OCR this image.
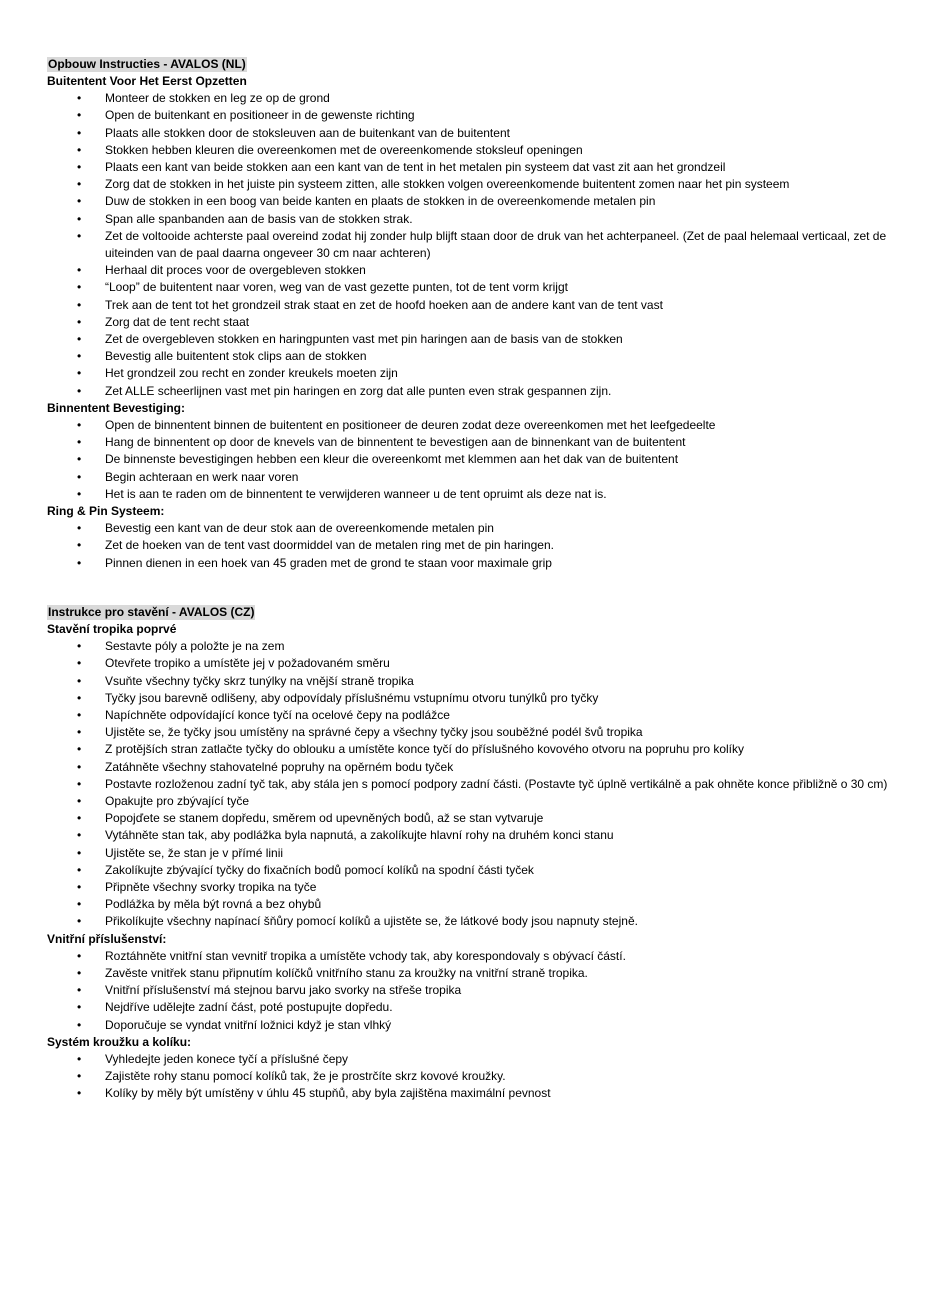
Opbouw Instructies - AVALOS (NL)
Buitentent Voor Het Eerst Opzetten
• Monteer de stokken en leg ze op de grond
• Open de buitenkant en positioneer in de gewenste richting
• Plaats alle stokken door de stoksleuven aan de buitenkant van de buitentent
• Stokken hebben kleuren die overeenkomen met de overeenkomende stoksleuf openingen
• Plaats een kant van beide stokken aan een kant van de tent in het metalen pin systeem dat vast zit aan het grondzeil
• Zorg dat de stokken in het juiste pin systeem zitten, alle stokken volgen overeenkomende buitentent zomen naar het pin systeem
• Duw de stokken in een boog van beide kanten en plaats de stokken in de overeenkomende metalen pin
• Span alle spanbanden aan de basis van de stokken strak.
• Zet de voltooide achterste paal overeind zodat hij zonder hulp blijft staan door de druk van het achterpaneel. (Zet de paal helemaal verticaal, zet de uiteinden van de paal daarna ongeveer 30 cm naar achteren)
• Herhaal dit proces voor de overgebleven stokken
• “Loop” de buitentent naar voren, weg van de vast gezette punten, tot de tent vorm krijgt
• Trek aan de tent tot het grondzeil strak staat en zet de hoofd hoeken aan de andere kant van de tent vast
• Zorg dat de tent recht staat
• Zet de overgebleven stokken en haringpunten vast met pin haringen aan de basis van de stokken
• Bevestig alle buitentent stok clips aan de stokken
• Het grondzeil zou recht en zonder kreukels moeten zijn
• Zet ALLE scheerlijnen vast met pin haringen en zorg dat alle punten even strak gespannen zijn.
Binnentent Bevestiging:
• Open de binnentent binnen de buitentent en positioneer de deuren zodat deze overeenkomen met het leefgedeelte
• Hang de binnentent op door de knevels van de binnentent te bevestigen aan de binnenkant van de buitentent
• De binnenste bevestigingen hebben een kleur die overeenkomt met klemmen aan het dak van de buitentent
• Begin achteraan en werk naar voren
• Het is aan te raden om de binnentent te verwijderen wanneer u de tent opruimt als deze nat is.
Ring & Pin Systeem:
• Bevestig een kant van de deur stok aan de overeenkomende metalen pin
• Zet de hoeken van de tent vast doormiddel van de metalen ring met de pin haringen.
• Pinnen dienen in een hoek van 45 graden met de grond te staan voor maximale grip
Instrukce pro stavění - AVALOS (CZ)
Stavění tropika poprvé
• Sestavte póly a položte je na zem
• Otevřete tropiko a umístěte jej v požadovaném směru
• Vsuňte všechny tyčky skrz tunýlky na vnější straně tropika
• Tyčky jsou barevně odlišeny, aby odpovídaly příslušnému vstupnímu otvoru tunýlků pro tyčky
• Napíchněte odpovídající konce tyčí na ocelové čepy na podlážce
• Ujistěte se, že tyčky jsou umístěny na správné čepy a všechny tyčky jsou souběžné podél švů tropika
• Z protějších stran zatlačte tyčky do oblouku a umístěte konce tyčí do příslušného kovového otvoru na popruhu pro kolíky
• Zatáhněte všechny stahovatelné popruhy na opěrném bodu tyček
• Postavte rozloženou zadní tyč tak, aby stála jen s pomocí podpory zadní části. (Postavte tyč úplně vertikálně a pak ohněte konce přibližně o 30 cm)
• Opakujte pro zbývající tyče
• Popojďete se stanem dopředu, směrem od upevněných bodů, až se stan vytvaruje
• Vytáhněte stan tak, aby podlážka byla napnutá, a zakolíkujte hlavní rohy na druhém konci stanu
• Ujistěte se, že stan je v přímé linii
• Zakolíkujte zbývající tyčky do fixačních bodů pomocí kolíků na spodní části tyček
• Připněte všechny svorky tropika na tyče
• Podlážka by měla být rovná a bez ohybů
• Přikolíkujte všechny napínací šňůry pomocí kolíků a ujistěte se, že látkové body jsou napnuty stejně.
Vnitřní příslušenství:
• Roztáhněte vnitřní stan vevnitř tropika a umístěte vchody tak, aby korespondovaly s obývací částí.
• Zavěste vnitřek stanu připnutím kolíčků vnitřního stanu za kroužky na vnitřní straně tropika.
• Vnitřní příslušenství má stejnou barvu jako svorky na střeše tropika
• Nejdříve udělejte zadní část, poté postupujte dopředu.
• Doporučuje se vyndat vnitřní ložnici když je stan vlhký
Systém kroužku a kolíku:
• Vyhledejte jeden konece tyčí a příslušné čepy
• Zajistěte rohy stanu pomocí kolíků tak, že je prostrčíte skrz kovové kroužky.
• Kolíky by měly být umístěny v úhlu 45 stupňů, aby byla zajištěna maximální pevnost
